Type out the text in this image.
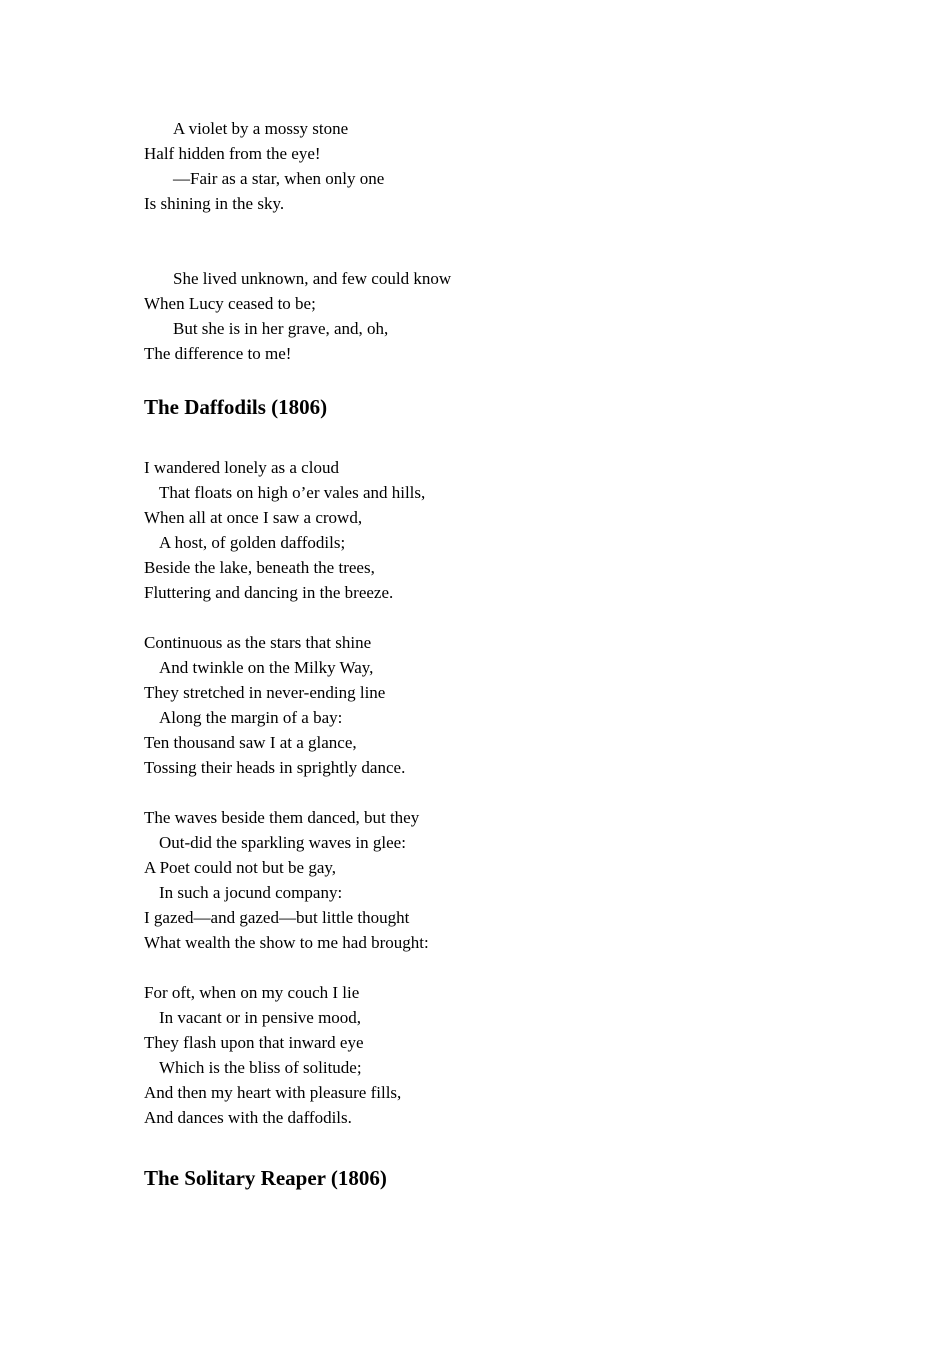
A violet by a mossy stone
Half hidden from the eye!
—Fair as a star, when only one
Is shining in the sky.
She lived unknown, and few could know
When Lucy ceased to be;
But she is in her grave, and, oh,
The difference to me!
The Daffodils (1806)
I wandered lonely as a cloud
That floats on high o’er vales and hills,
When all at once I saw a crowd,
A host, of golden daffodils;
Beside the lake, beneath the trees,
Fluttering and dancing in the breeze.
Continuous as the stars that shine
And twinkle on the Milky Way,
They stretched in never-ending line
Along the margin of a bay:
Ten thousand saw I at a glance,
Tossing their heads in sprightly dance.
The waves beside them danced, but they
Out-did the sparkling waves in glee:
A Poet could not but be gay,
In such a jocund company:
I gazed—and gazed—but little thought
What wealth the show to me had brought:
For oft, when on my couch I lie
In vacant or in pensive mood,
They flash upon that inward eye
Which is the bliss of solitude;
And then my heart with pleasure fills,
And dances with the daffodils.
The Solitary Reaper (1806)
